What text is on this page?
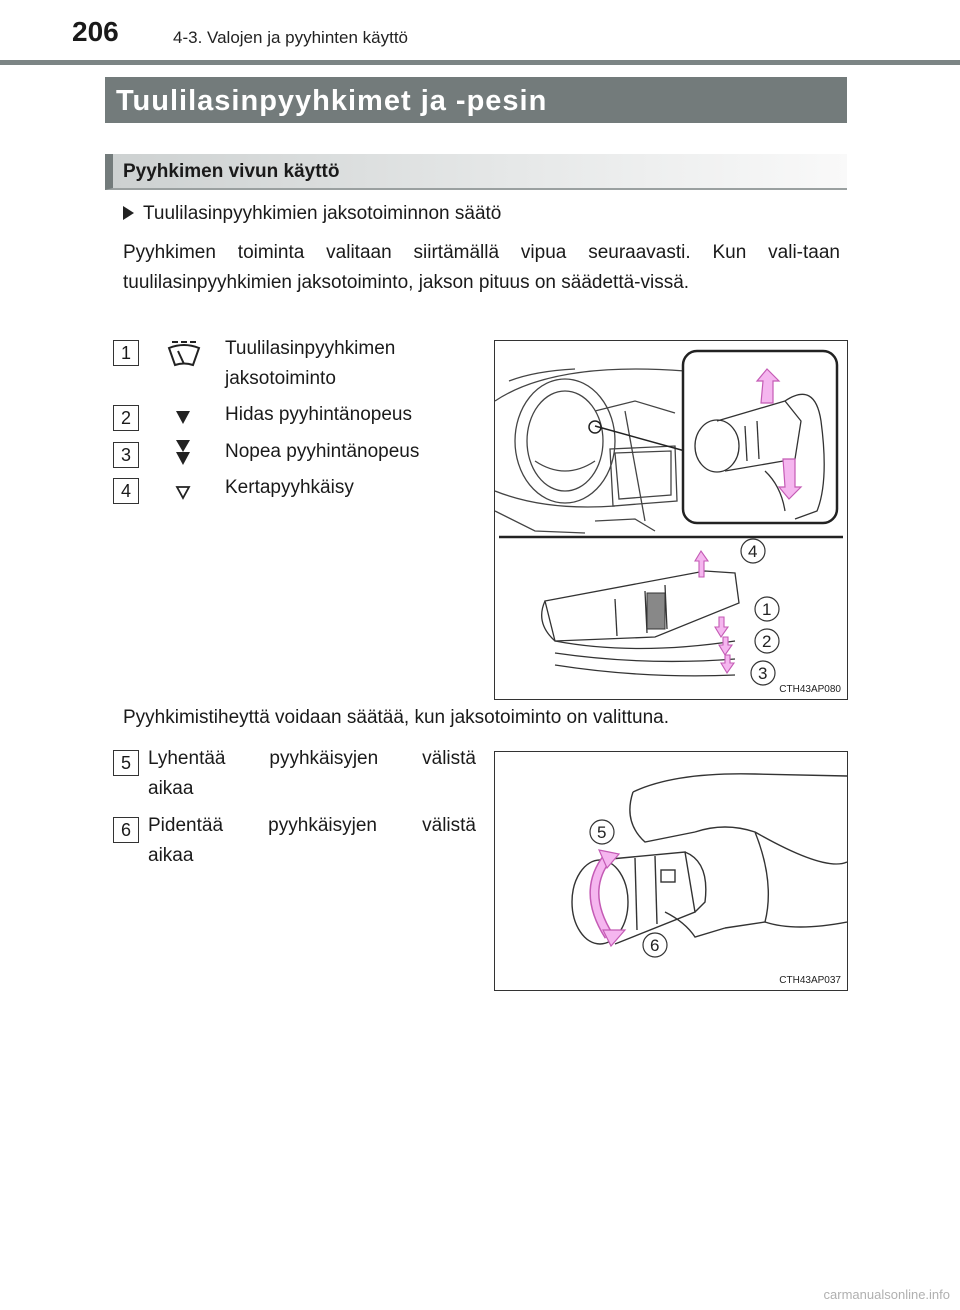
206	4-3. Valojen ja pyyhinten käyttö
Tuulilasinpyyhkimet ja -pesin
Pyyhkimen vivun käyttö
Tuulilasinpyyhkimien jaksotoiminnon säätö
Pyyhkimen toiminta valitaan siirtämällä vipua seuraavasti. Kun vali-taan tuulilasinpyyhkimien jaksotoiminto, jakson pituus on säädettä-vissä.
1	Tuulilasinpyyhkimen
jaksotoiminto
2	Hidas pyyhintänopeus
3	Nopea pyyhintänopeus
4	Kertapyyhkäisy
4
1
2
3
CTH43AP080
Pyyhkimistiheyttä voidaan säätää, kun jaksotoiminto on valittuna.
5 Lyhentää pyyhkäisyjen välistä
aikaa
6 Pidentää pyyhkäisyjen välistä
aikaa
5
6
CTH43AP037
carmanualsonline.info
